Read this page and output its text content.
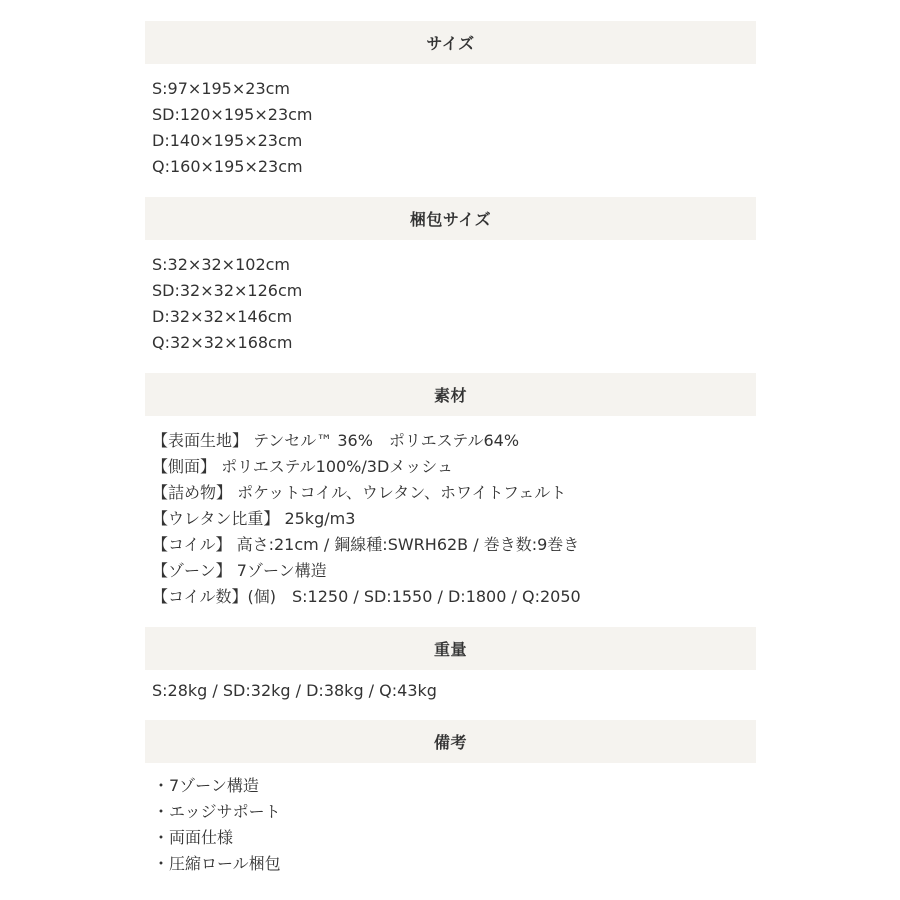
サイズ
S:97×195×23cm
SD:120×195×23cm
D:140×195×23cm
Q:160×195×23cm
梱包サイズ
S:32×32×102cm
SD:32×32×126cm
D:32×32×146cm
Q:32×32×168cm
素材
【表面生地】 テンセル™ 36%　ポリエステル64%
【側面】 ポリエステル100%/3Dメッシュ
【詰め物】 ポケットコイル、ウレタン、ホワイトフェルト
【ウレタン比重】 25kg/m3
【コイル】 高さ:21cm / 鋼線種:SWRH62B / 巻き数:9巻き
【ゾーン】 7ゾーン構造
【コイル数】(個)　S:1250 / SD:1550 / D:1800 / Q:2050
重量
S:28kg / SD:32kg / D:38kg / Q:43kg
備考
・7ゾーン構造
・エッジサポート
・両面仕様
・圧縮ロール梱包
